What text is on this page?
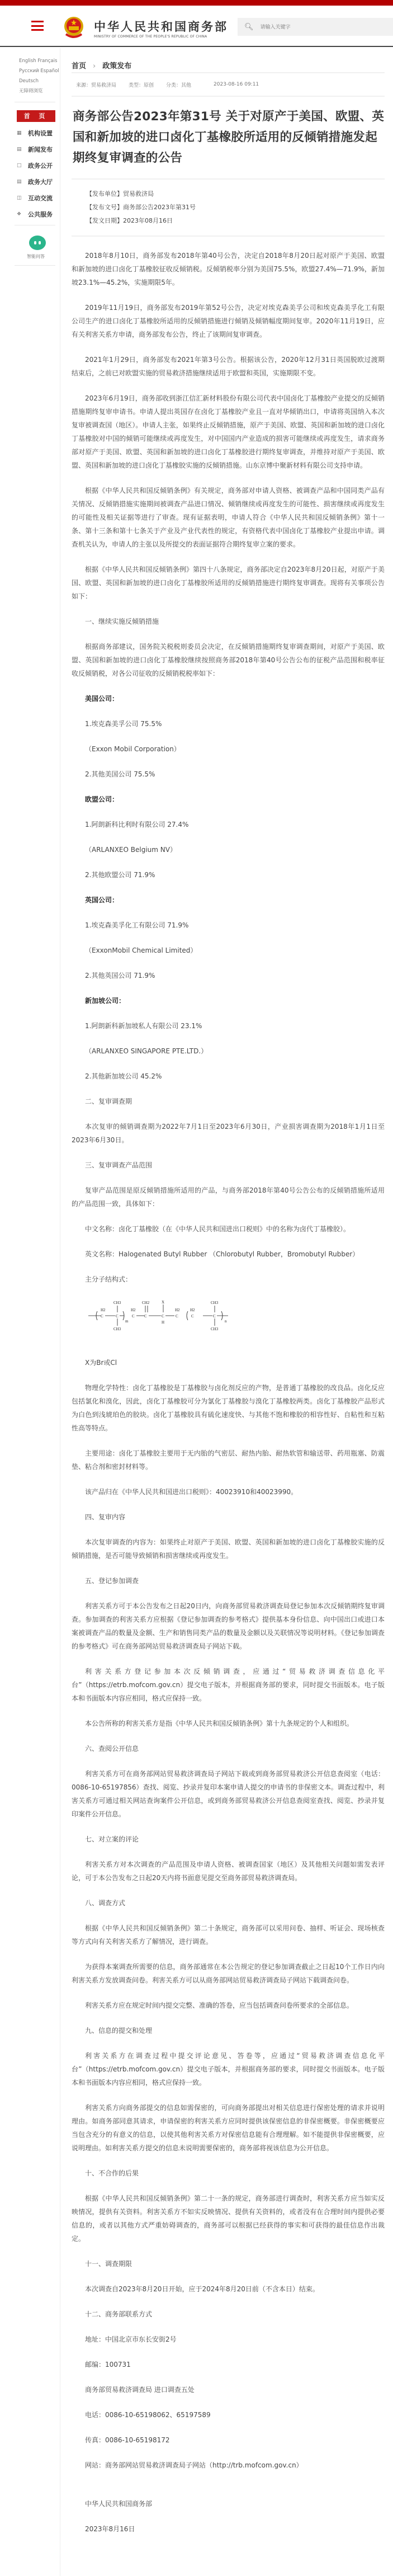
中华人民共和国商务部
MINISTRY OF COMMERCE OF THE PEOPLE'S REPUBLIC OF CHINA
🔍︎
请输入关键字
English Français
Русский Español
Deutsch
无障碍浏览
首 页
▦	机构设置
▤	新闻发布
□	政务公开
▤	政务大厅
◫	互动交流
❖	公共服务
智能问答
首页 › 政策发布
来源：贸易救济局 类型：原创 分类：其他	2023-08-16 09:11
商务部公告2023年第31号 关于对原产于美国、欧盟、英国和新加坡的进口卤化丁基橡胶所适用的反倾销措施发起期终复审调查的公告
【发布单位】贸易救济局
【发布文号】商务部公告2023年第31号
【发文日期】2023年08月16日

2018年8月10日，商务部发布2018年第40号公告，决定自2018年8月20日起对原产于美国、欧盟和新加坡的进口卤化丁基橡胶征收反倾销税。反倾销税率分别为美国75.5%，欧盟27.4%—71.9%，新加坡23.1%—45.2%，实施期限5年。

2019年11月19日，商务部发布2019年第52号公告，决定对埃克森美孚公司和埃克森美孚化工有限公司生产的进口卤化丁基橡胶所适用的反倾销措施进行倾销及倾销幅度期间复审。2020年11月19日，应有关利害关系方申请，商务部发布公告，终止了该期间复审调查。

2021年1月29日，商务部发布2021年第3号公告。根据该公告，2020年12月31日英国脱欧过渡期结束后，之前已对欧盟实施的贸易救济措施继续适用于欧盟和英国，实施期限不变。

2023年6月19日，商务部收到浙江信汇新材料股份有限公司代表中国卤化丁基橡胶产业提交的反倾销措施期终复审申请书。申请人提出英国存在卤化丁基橡胶产业且一直对华倾销出口，申请将英国纳入本次复审被调查国（地区）。申请人主张，如果终止反倾销措施，原产于美国、欧盟、英国和新加坡的进口卤化丁基橡胶对中国的倾销可能继续或再度发生，对中国国内产业造成的损害可能继续或再度发生，请求商务部对原产于美国、欧盟、英国和新加坡的进口卤化丁基橡胶进行期终复审调查，并维持对原产于美国、欧盟、英国和新加坡的进口卤化丁基橡胶实施的反倾销措施。山东京博中聚新材料有限公司支持申请。

根据《中华人民共和国反倾销条例》有关规定，商务部对申请人资格、被调查产品和中国同类产品有关情况、反倾销措施实施期间被调查产品进口情况、倾销继续或再度发生的可能性、损害继续或再度发生的可能性及相关证据等进行了审查。现有证据表明，申请人符合《中华人民共和国反倾销条例》第十一条、第十三条和第十七条关于产业及产业代表性的规定，有资格代表中国卤化丁基橡胶产业提出申请。调查机关认为，申请人的主张以及所提交的表面证据符合期终复审立案的要求。

根据《中华人民共和国反倾销条例》第四十八条规定，商务部决定自2023年8月20日起，对原产于美国、欧盟、英国和新加坡的进口卤化丁基橡胶所适用的反倾销措施进行期终复审调查。现将有关事项公告如下：

一、继续实施反倾销措施

根据商务部建议，国务院关税税则委员会决定，在反倾销措施期终复审调查期间，对原产于美国、欧盟、英国和新加坡的进口卤化丁基橡胶继续按照商务部2018年第40号公告公布的征税产品范围和税率征收反倾销税，对各公司征收的反倾销税税率如下：

美国公司：

1.埃克森美孚公司 75.5%

（Exxon Mobil Corporation）

2.其他美国公司 75.5%

欧盟公司：

1.阿朗新科比利时有限公司 27.4%

（ARLANXEO Belgium NV）

2.其他欧盟公司 71.9%

英国公司：

1.埃克森美孚化工有限公司 71.9%

（ExxonMobil Chemical Limited）

2.其他英国公司 71.9%

新加坡公司：

1.阿朗新科新加坡私人有限公司 23.1%

（ARLANXEO SINGAPORE PTE.LTD.）

2.其他新加坡公司 45.2%

二、复审调查期

本次复审的倾销调查期为2022年7月1日至2023年6月30日，产业损害调查期为2018年1月1日至2023年6月30日。

三、复审调查产品范围

复审产品范围是原反倾销措施所适用的产品，与商务部2018年第40号公告公布的反倾销措施所适用的产品范围一致，具体如下：

中文名称：卤化丁基橡胶（在《中华人民共和国进出口税则》中的名称为卤代丁基橡胶）。

英文名称：Halogenated Butyl Rubber （Chlorobutyl Rubber，Bromobutyl Rubber）

主分子结构式：

C
H2
C
CH3
CH3
m
C
H2
C
CH2
C
X
H
C
H2
C
H2
C
CH3
CH3
n

X为Br或Cl

物理化学特性：卤化丁基橡胶是丁基橡胶与卤化剂反应的产物，是普通丁基橡胶的改良品。卤化反应包括氯化和溴化，因此，卤化丁基橡胶可分为氯化丁基橡胶与溴化丁基橡胶两类。卤化丁基橡胶产品形式为白色到浅琥珀色的胶块。卤化丁基橡胶具有硫化速度快、与其他不饱和橡胶的相容性好、自粘性和互粘性高等特点。

主要用途：卤化丁基橡胶主要用于无内胎的气密层、耐热内胎、耐热软管和输送带、药用瓶塞、防震垫、粘合剂和密封材料等。

该产品归在《中华人民共和国进出口税则》：40023910和40023990。

四、复审内容

本次复审调查的内容为：如果终止对原产于美国、欧盟、英国和新加坡的进口卤化丁基橡胶实施的反倾销措施，是否可能导致倾销和损害继续或再度发生。

五、登记参加调查

利害关系方可于本公告发布之日起20日内，向商务部贸易救济调查局登记参加本次反倾销期终复审调查。参加调查的利害关系方应根据《登记参加调查的参考格式》提供基本身份信息、向中国出口或进口本案被调查产品的数量及金额、生产和销售同类产品的数量及金额以及关联情况等说明材料。《登记参加调查的参考格式》可在商务部网站贸易救济调查局子网站下载。

利害关系方登记参加本次反倾销调查，应通过“贸易救济调查信息化平台”（https://etrb.mofcom.gov.cn）提交电子版本，并根据商务部的要求，同时提交书面版本。电子版本和书面版本内容应相同，格式应保持一致。

本公告所称的利害关系方是指《中华人民共和国反倾销条例》第十九条规定的个人和组织。

六、查阅公开信息

利害关系方可在商务部网站贸易救济调查局子网站下载或到商务部贸易救济公开信息查阅室（电话：0086-10-65197856）查找、阅览、抄录并复印本案申请人提交的申请书的非保密文本。调查过程中，利害关系方可通过相关网站查询案件公开信息，或到商务部贸易救济公开信息查阅室查找、阅览、抄录并复印案件公开信息。

七、对立案的评论

利害关系方对本次调查的产品范围及申请人资格、被调查国家（地区）及其他相关问题如需发表评论，可于本公告发布之日起20天内将书面意见提交至商务部贸易救济调查局。

八、调查方式

根据《中华人民共和国反倾销条例》第二十条规定，商务部可以采用问卷、抽样、听证会、现场核查等方式向有关利害关系方了解情况，进行调查。

为获得本案调查所需要的信息，商务部通常在本公告规定的登记参加调查截止之日起10个工作日内向利害关系方发放调查问卷。利害关系方可以从商务部网站贸易救济调查局子网站下载调查问卷。

利害关系方应在规定时间内提交完整、准确的答卷，应当包括调查问卷所要求的全部信息。

九、信息的提交和处理

利害关系方在调查过程中提交评论意见、答卷等，应通过“贸易救济调查信息化平台”（https://etrb.mofcom.gov.cn）提交电子版本，并根据商务部的要求，同时提交书面版本。电子版本和书面版本内容应相同，格式应保持一致。

利害关系方向商务部提交的信息如需保密的，可向商务部提出对相关信息进行保密处理的请求并说明理由。如商务部同意其请求，申请保密的利害关系方应同时提供该保密信息的非保密概要。非保密概要应当包含充分的有意义的信息，以使其他利害关系方对保密信息能有合理理解。如不能提供非保密概要，应说明理由。如利害关系方提交的信息未说明需要保密的，商务部将视该信息为公开信息。

十、不合作的后果

根据《中华人民共和国反倾销条例》第二十一条的规定，商务部进行调查时，利害关系方应当如实反映情况，提供有关资料。利害关系方不如实反映情况、提供有关资料的，或者没有在合理时间内提供必要信息的，或者以其他方式严重妨碍调查的，商务部可以根据已经获得的事实和可获得的最佳信息作出裁定。

十一、调查期限

本次调查自2023年8月20日开始，应于2024年8月20日前（不含本日）结束。

十二、商务部联系方式

地址：中国北京市东长安街2号

邮编：100731

商务部贸易救济调查局 进口调查五处

电话：0086-10-65198062、65197589

传真：0086-10-65198172

网站：商务部网站贸易救济调查局子网站（http://trb.mofcom.gov.cn）

中华人民共和国商务部

2023年8月16日
